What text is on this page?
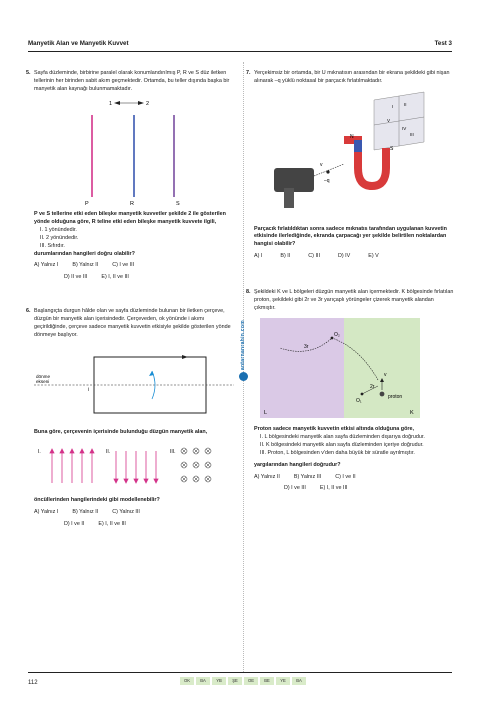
Manyetik Alan ve Manyetik Kuvvet	Test 3
antarnanrahin.com
5. Sayfa düzleminde, birbirine paralel olarak konumlandırılmış P, R ve S düz iletken tellerinin her birinden sabit akım geçmektedir. Ortamda, bu teller dışında başka bir manyetik alan kaynağı bulunmamaktadır.

1	2
P	R	S

P ve S tellerine etki eden bileşke manyetik kuvvetler şekilde 2 ile gösterilen yönde olduğuna göre, R teline etki eden bileşke manyetik kuvvete ilgili,

I. 1 yönündedir.

II. 2 yönündedir.

III. Sıfırdır.

durumlarından hangileri doğru olabilir?

A) Yalnız I	B) Yalnız II	C) I ve III
D) II ve III	E) I, II ve III
6. Başlangıçta durgun hâlde olan ve sayfa düzleminde bulunan bir iletken çerçeve, düzgün bir manyetik alan içerisindedir. Çerçeveden, ok yönünde i akımı geçirildiğinde, çerçeve sadece manyetik kuvvetin etkisiyle şekilde gösterilen yönde dönmeye başlıyor.

dönme
ekseni
i

Buna göre, çerçevenin içerisinde bulunduğu düzgün manyetik alan,

I.	II.	III.

öncüllerinden hangilerindeki gibi modellenebilir?

A) Yalnız I	B) Yalnız II	C) Yalnız III
D) I ve II	E) I, II ve III
7. Yerçekimsiz bir ortamda, bir U mıknatısın arasından bir ekrana şekildeki gibi nişan alınarak –q yüklü noktasal bir parçacık fırlatılmaktadır.

I II
V
IV
III
N
S
v
–q

Parçacık fırlatıldıktan sonra sadece mıknatıs tarafından uygulanan kuvvetin etkisinde ilerlediğinde, ekranda çarpacağı yer şekilde belirtilen noktalardan hangisi olabilir?

A) I	B) II	C) III	D) IV	E) V
8. Şekildeki K ve L bölgeleri düzgün manyetik alan içermektedir. K bölgesinde fırlatılan proton, şekildeki gibi 2r ve 3r yarıçaplı yörüngeler çizerek manyetik alandan çıkmıştır.

O₂
O₁
3r
2r
v
proton
L	K

Proton sadece manyetik kuvvetin etkisi altında olduğuna göre,

I. L bölgesindeki manyetik alan sayfa düzleminden dışarıya doğrudur.

II. K bölgesindeki manyetik alan sayfa düzleminden içeriye doğrudur.

III. Proton, L bölgesinden v'den daha büyük bir süratle ayrılmıştır.

yargılarından hangileri doğrudur?

A) Yalnız II	B) Yalnız III	C) I ve II
D) I ve III	E) I, II ve III
112	OK	BA	YB	ŞE	OE	BE	YE	BA
